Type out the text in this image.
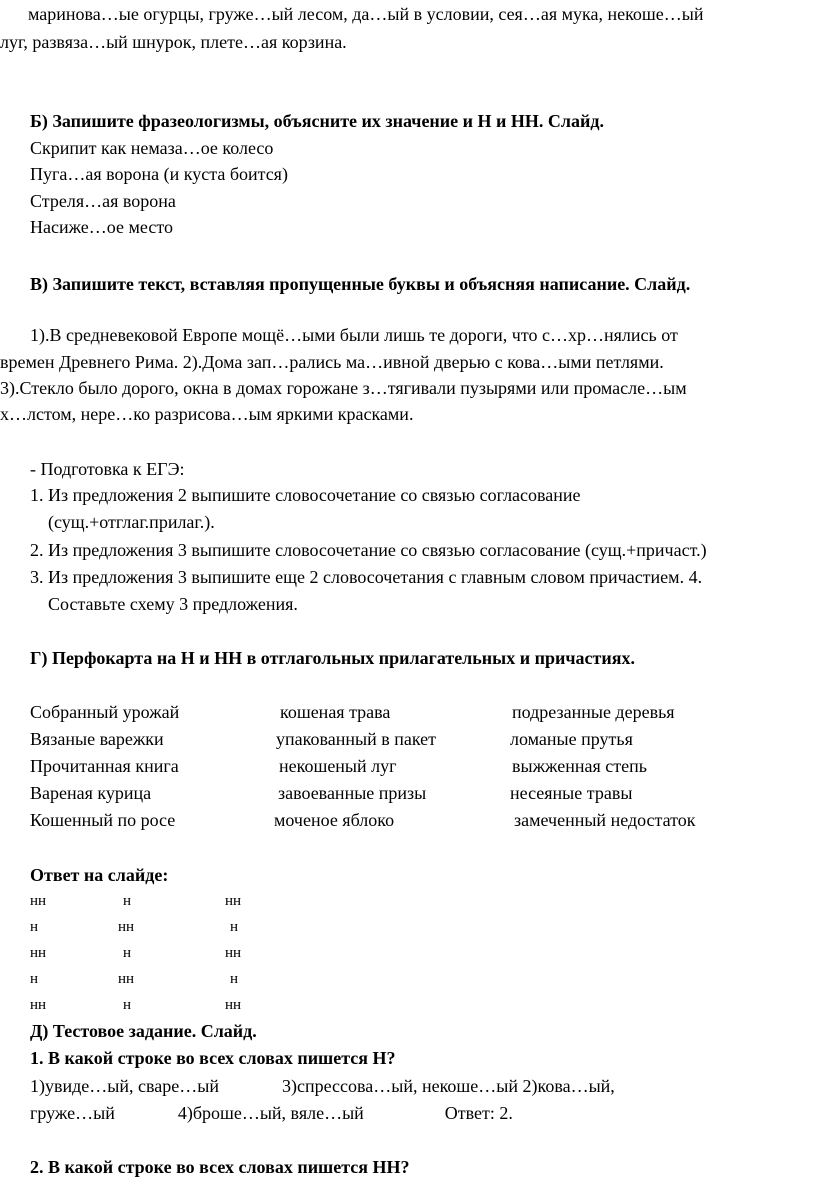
маринова…ые огурцы, груже…ый лесом, да…ый в условии, сея…ая мука, некоше…ый
луг, развяза…ый шнурок, плете…ая корзина.
Б) Запишите фразеологизмы, объясните их значение и Н и НН. Слайд.
Скрипит как немаза…ое колесо
Пуга…ая ворона (и куста боится)
Стреля…ая ворона
Насиже…ое место
В) Запишите текст, вставляя пропущенные буквы и объясняя написание. Слайд.
1).В средневековой Европе мощё…ыми были лишь те дороги, что с…хр…нялись от
времен Древнего Рима. 2).Дома зап…рались ма…ивной дверью с кова…ыми петлями.
3).Стекло было дорого, окна в домах горожане з…тягивали пузырями или промасле…ым
х…лстом, нере…ко разрисова…ым яркими красками.
- Подготовка к ЕГЭ:
1. Из предложения 2 выпишите словосочетание со связью согласование
(сущ.+отглаг.прилаг.).
2. Из предложения 3 выпишите словосочетание со связью согласование (сущ.+причаст.)
3. Из предложения 3 выпишите еще 2 словосочетания с главным словом причастием. 4.
Составьте схему 3 предложения.
Г) Перфокарта на Н и НН в отглагольных прилагательных и причастиях.
Собранный урожай	кошеная трава	подрезанные деревья
Вязаные варежки	упакованный в пакет	ломаные прутья
Прочитанная книга	некошеный луг	выжженная степь
Вареная курица	завоеванные призы	несеяные травы
Кошенный по росе	моченое яблоко	замеченный недостаток
Ответ на слайде:
нн	н	нн
н	нн	н
нн	н	нн
н	нн	н
нн	н	нн
Д) Тестовое задание. Слайд.
1. В какой строке во всех словах пишется Н?
1)увиде…ый, сваре…ый              3)спрессова…ый, некоше…ый 2)кова…ый,
груже…ый              4)броше…ый, вяле…ый                  Ответ: 2.
2. В какой строке во всех словах пишется НН?
